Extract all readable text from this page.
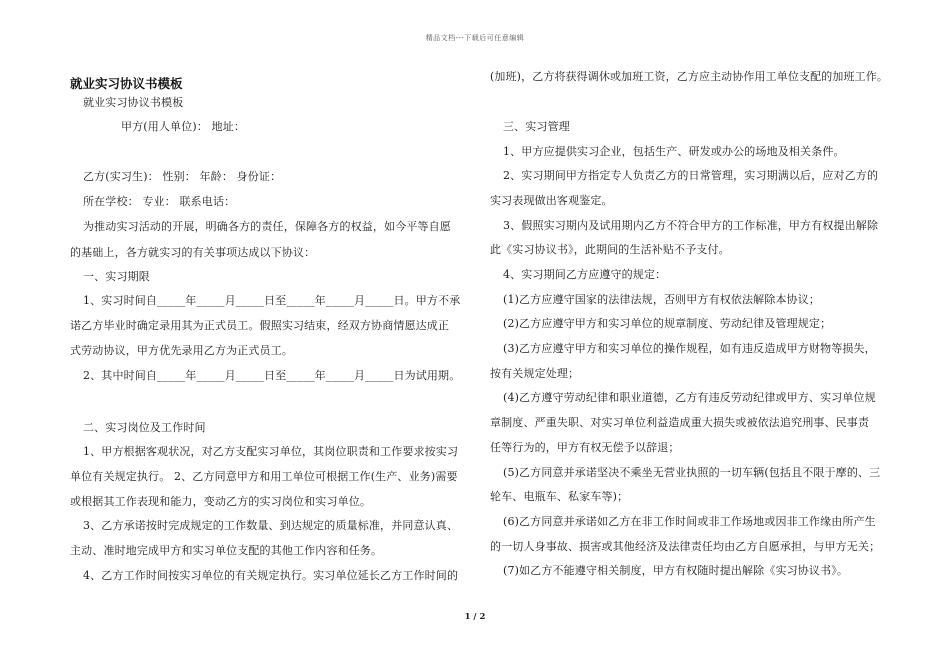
精品文档---下载后可任意编辑
就业实习协议书模板
就业实习协议书模板
甲方(用人单位)： 地址：
乙方(实习生)： 性别： 年龄： 身份证：
所在学校： 专业： 联系电话：
为推动实习活动的开展，明确各方的责任，保障各方的权益，如今平等自愿
的基础上，各方就实习的有关事项达成以下协议：
一、实习期限
1、实习时间自_____年_____月_____日至_____年_____月_____日。甲方不承
诺乙方毕业时确定录用其为正式员工。假照实习结束，经双方协商情愿达成正
式劳动协议，甲方优先录用乙方为正式员工。
2、其中时间自_____年_____月_____日至_____年_____月_____日为试用期。
二、实习岗位及工作时间
1、甲方根据客观状况，对乙方支配实习单位，其岗位职责和工作要求按实习
单位有关规定执行。 2、乙方同意甲方和用工单位可根据工作(生产、业务)需要
或根据其工作表现和能力，变动乙方的实习岗位和实习单位。
3、乙方承诺按时完成规定的工作数量、到达规定的质量标准，并同意认真、
主动、准时地完成甲方和实习单位支配的其他工作内容和任务。
4、乙方工作时间按实习单位的有关规定执行。实习单位延长乙方工作时间的
(加班)，乙方将获得调休或加班工资，乙方应主动协作用工单位支配的加班工作。
三、实习管理
1、甲方应提供实习企业，包括生产、研发或办公的场地及相关条件。
2、实习期间甲方指定专人负责乙方的日常管理，实习期满以后，应对乙方的
实习表现做出客观鉴定。
3、假照实习期内及试用期内乙方不符合甲方的工作标准，甲方有权提出解除
此《实习协议书》，此期间的生活补贴不予支付。
4、实习期间乙方应遵守的规定：
(1)乙方应遵守国家的法律法规，否则甲方有权依法解除本协议；
(2)乙方应遵守甲方和实习单位的规章制度、劳动纪律及管理规定；
(3)乙方应遵守甲方和实习单位的操作规程，如有违反造成甲方财物等损失，
按有关规定处理；
(4)乙方遵守劳动纪律和职业道德，乙方有违反劳动纪律或甲方、实习单位规
章制度、严重失职、对实习单位利益造成重大损失或被依法追究刑事、民事责
任等行为的，甲方有权无偿予以辞退；
(5)乙方同意并承诺坚决不乘坐无营业执照的一切车辆(包括且不限于摩的、三
轮车、电瓶车、私家车等)；
(6)乙方同意并承诺如乙方在非工作时间或非工作场地或因非工作缘由所产生
的一切人身事故、损害或其他经济及法律责任均由乙方自愿承担，与甲方无关；
(7)如乙方不能遵守相关制度，甲方有权随时提出解除《实习协议书》。
1 / 2
